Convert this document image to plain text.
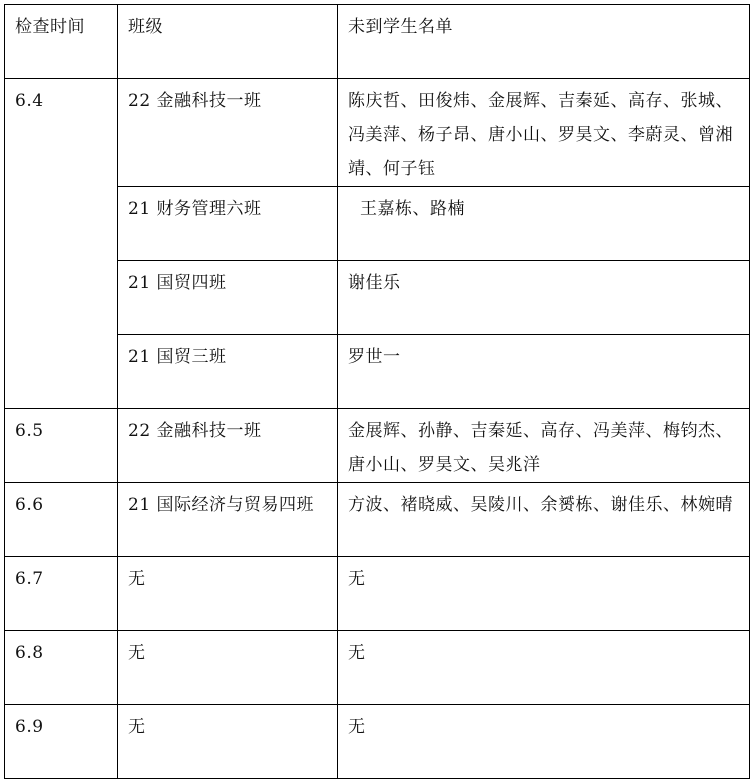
检查时间	班级	未到学生名单
6.4	22 金融科技一班	陈庆哲、田俊炜、金展辉、吉秦延、高存、张城、冯美萍、杨子昂、唐小山、罗昊文、李蔚灵、曾湘靖、何子钰
	21 财务管理六班	王嘉栋、路楠
	21 国贸四班	谢佳乐
	21 国贸三班	罗世一
6.5	22 金融科技一班	金展辉、孙静、吉秦延、高存、冯美萍、梅钧杰、唐小山、罗昊文、吴兆洋
6.6	21 国际经济与贸易四班	方波、褚晓威、吴陵川、余赟栋、谢佳乐、林婉晴
6.7	无	无
6.8	无	无
6.9	无	无
